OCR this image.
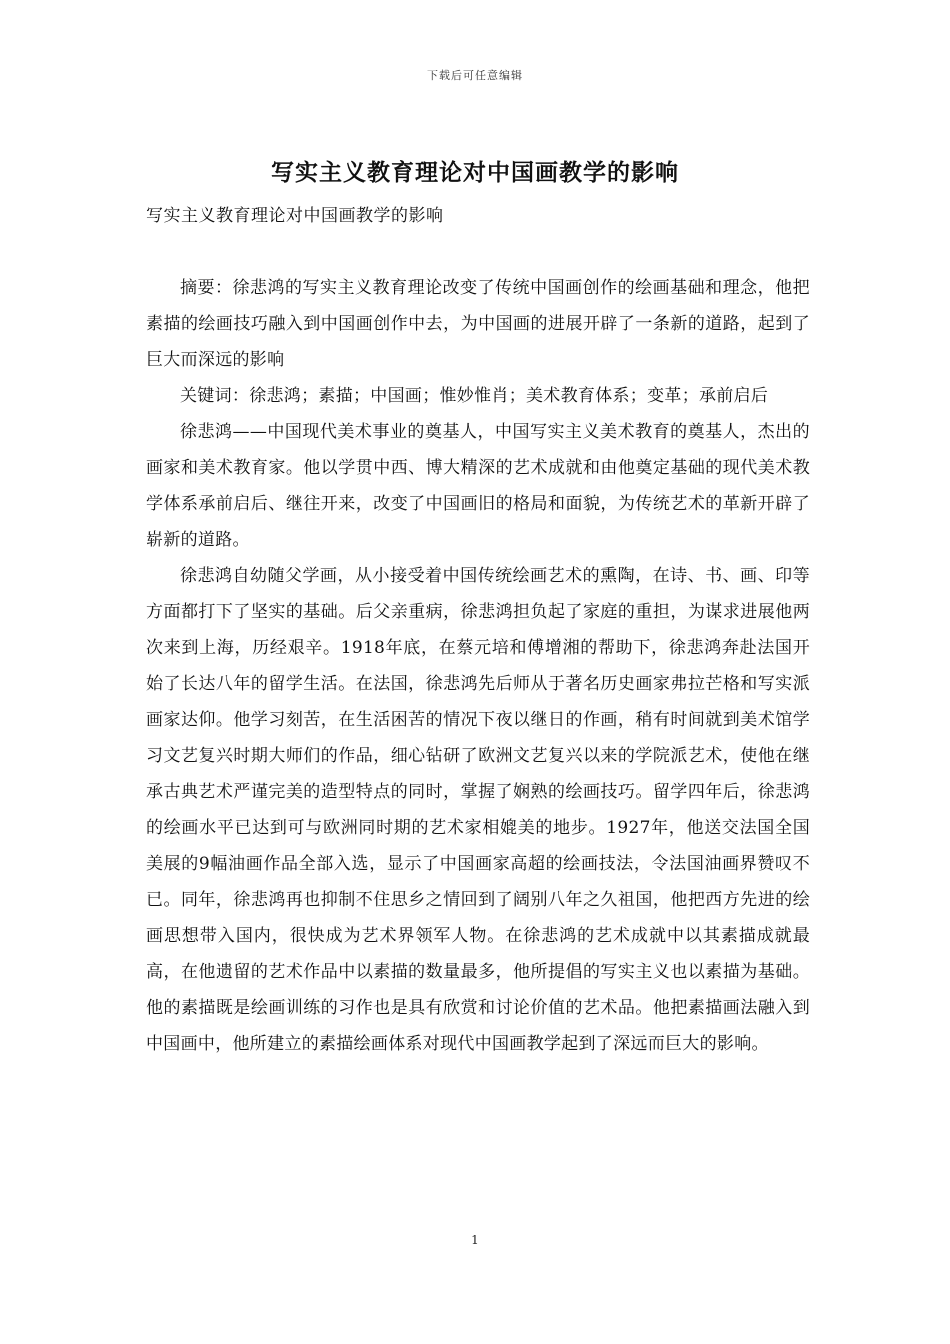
下载后可任意编辑
写实主义教育理论对中国画教学的影响
写实主义教育理论对中国画教学的影响

摘要：徐悲鸿的写实主义教育理论改变了传统中国画创作的绘画基础和理念，他把素描的绘画技巧融入到中国画创作中去，为中国画的进展开辟了一条新的道路，起到了巨大而深远的影响

关键词：徐悲鸿；素描；中国画；惟妙惟肖；美术教育体系；变革；承前启后

徐悲鸿——中国现代美术事业的奠基人，中国写实主义美术教育的奠基人，杰出的画家和美术教育家。他以学贯中西、博大精深的艺术成就和由他奠定基础的现代美术教学体系承前启后、继往开来，改变了中国画旧的格局和面貌，为传统艺术的革新开辟了崭新的道路。

徐悲鸿自幼随父学画，从小接受着中国传统绘画艺术的熏陶，在诗、书、画、印等方面都打下了坚实的基础。后父亲重病，徐悲鸿担负起了家庭的重担，为谋求进展他两次来到上海，历经艰辛。1918年底，在蔡元培和傅增湘的帮助下，徐悲鸿奔赴法国开始了长达八年的留学生活。在法国，徐悲鸿先后师从于著名历史画家弗拉芒格和写实派画家达仰。他学习刻苦，在生活困苦的情况下夜以继日的作画，稍有时间就到美术馆学习文艺复兴时期大师们的作品，细心钻研了欧洲文艺复兴以来的学院派艺术，使他在继承古典艺术严谨完美的造型特点的同时，掌握了娴熟的绘画技巧。留学四年后，徐悲鸿的绘画水平已达到可与欧洲同时期的艺术家相媲美的地步。1927年，他送交法国全国美展的9幅油画作品全部入选，显示了中国画家高超的绘画技法，令法国油画界赞叹不已。同年，徐悲鸿再也抑制不住思乡之情回到了阔别八年之久祖国，他把西方先进的绘画思想带入国内，很快成为艺术界领军人物。在徐悲鸿的艺术成就中以其素描成就最高，在他遗留的艺术作品中以素描的数量最多，他所提倡的写实主义也以素描为基础。他的素描既是绘画训练的习作也是具有欣赏和讨论价值的艺术品。他把素描画法融入到中国画中，他所建立的素描绘画体系对现代中国画教学起到了深远而巨大的影响。

1
